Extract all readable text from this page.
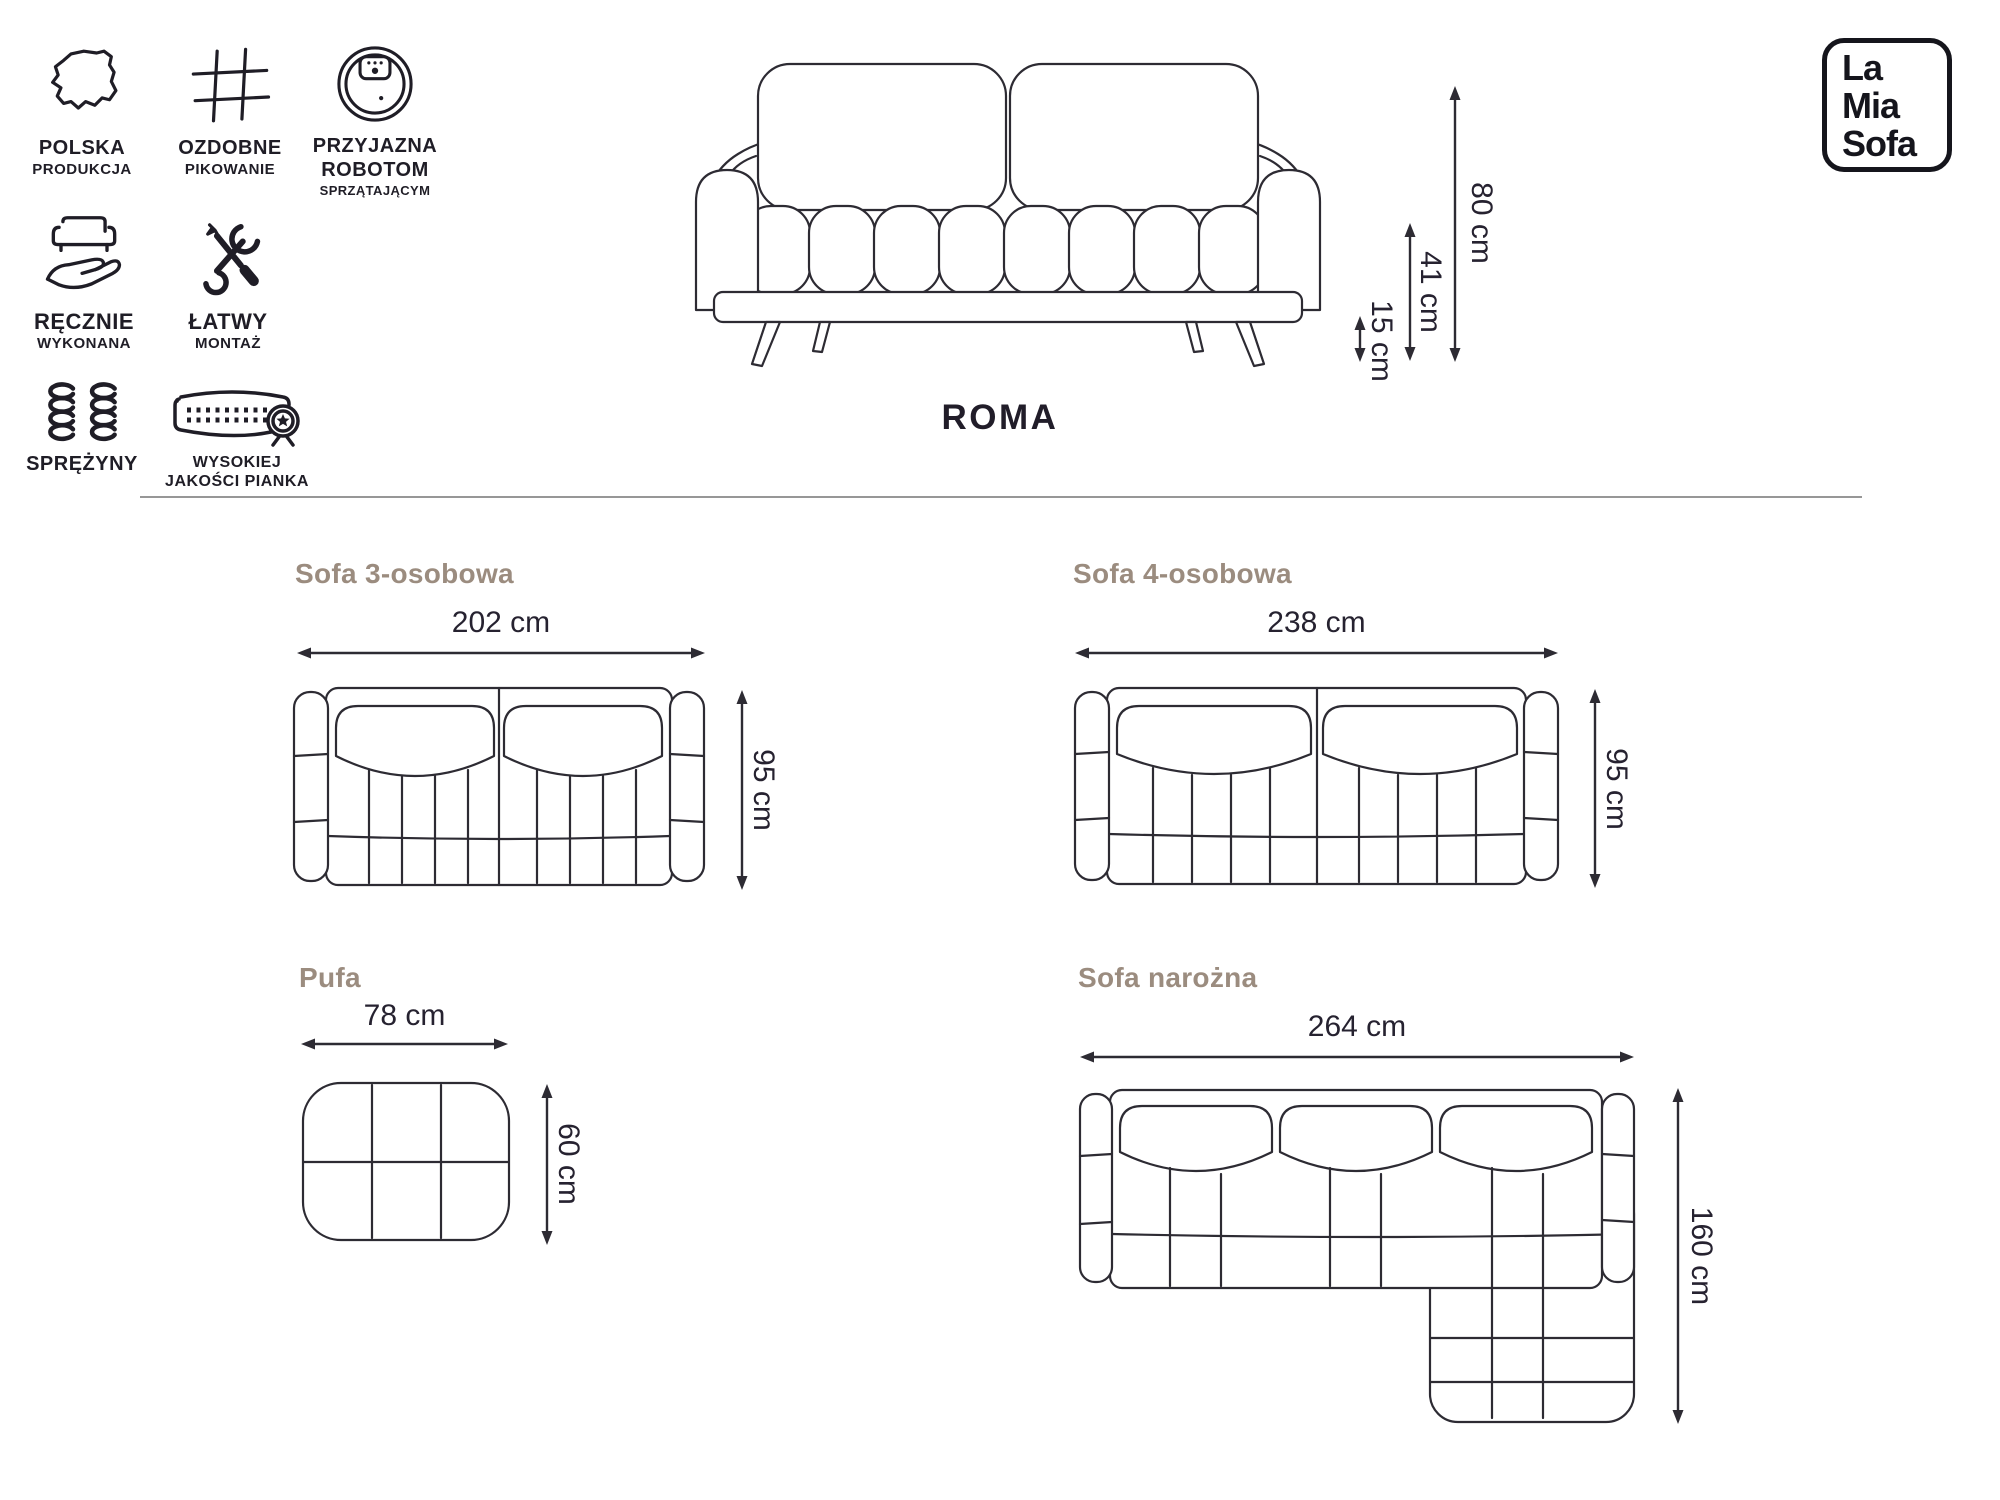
POLSKA
PRODUKCJA
OZDOBNE
PIKOWANIE
PRZYJAZNA
ROBOTOM
SPRZĄTAJĄCYM
RĘCZNIE
WYKONANA
ŁATWY
MONTAŻ
SPRĘŻYNY	WYSOKIEJ
JAKOŚCI PIANKA
La
Mia
Sofa
80 cm
41 cm
15 cm
ROMA
Sofa 3-osobowa
202 cm
95 cm
Sofa 4-osobowa
238 cm
95 cm
Pufa
78 cm
60 cm
Sofa narożna
264 cm
160 cm
